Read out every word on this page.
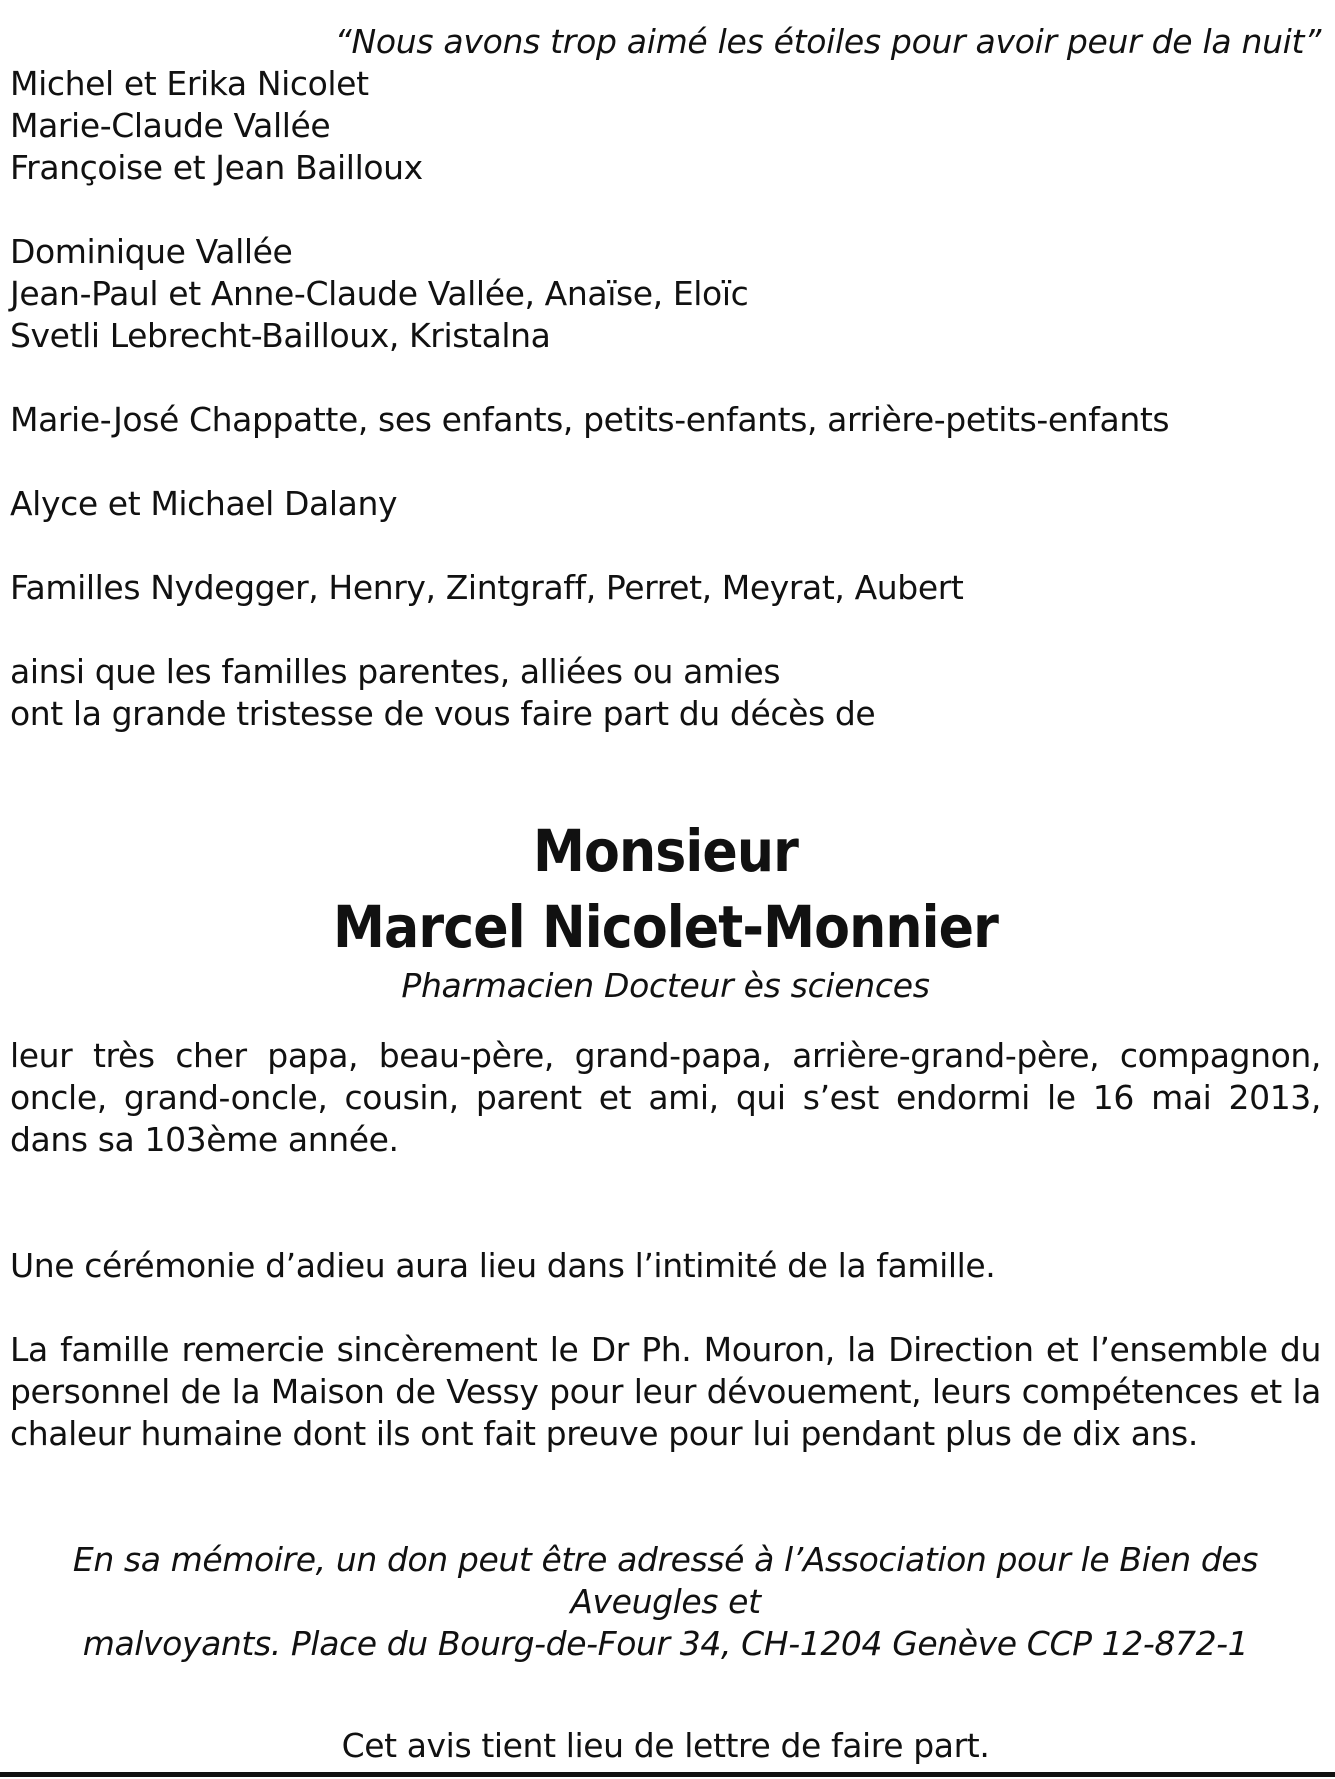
“Nous avons trop aimé les étoiles pour avoir peur de la nuit”
Michel et Erika Nicolet
Marie-Claude Vallée
Françoise et Jean Bailloux
Dominique Vallée
Jean-Paul et Anne-Claude Vallée, Anaïse, Eloïc
Svetli Lebrecht-Bailloux, Kristalna
Marie-José Chappatte, ses enfants, petits-enfants, arrière-petits-enfants
Alyce et Michael Dalany
Familles Nydegger, Henry, Zintgraff, Perret, Meyrat, Aubert
ainsi que les familles parentes, alliées ou amies
ont la grande tristesse de vous faire part du décès de
Monsieur
Marcel Nicolet-Monnier
Pharmacien Docteur ès sciences
leur très cher papa, beau-père, grand-papa, arrière-grand-père, compagnon, oncle, grand-oncle, cousin, parent et ami, qui s’est endormi le 16 mai 2013, dans sa 103ème année.
Une cérémonie d’adieu aura lieu dans l’intimité de la famille.
La famille remercie sincèrement le Dr Ph. Mouron, la Direction et l’ensemble du personnel de la Maison de Vessy pour leur dévouement, leurs compétences et la chaleur humaine dont ils ont fait preuve pour lui pendant plus de dix ans.
En sa mémoire, un don peut être adressé à l’Association pour le Bien des Aveugles et
malvoyants. Place du Bourg-de-Four 34, CH-1204 Genève CCP 12-872-1
Cet avis tient lieu de lettre de faire part.
